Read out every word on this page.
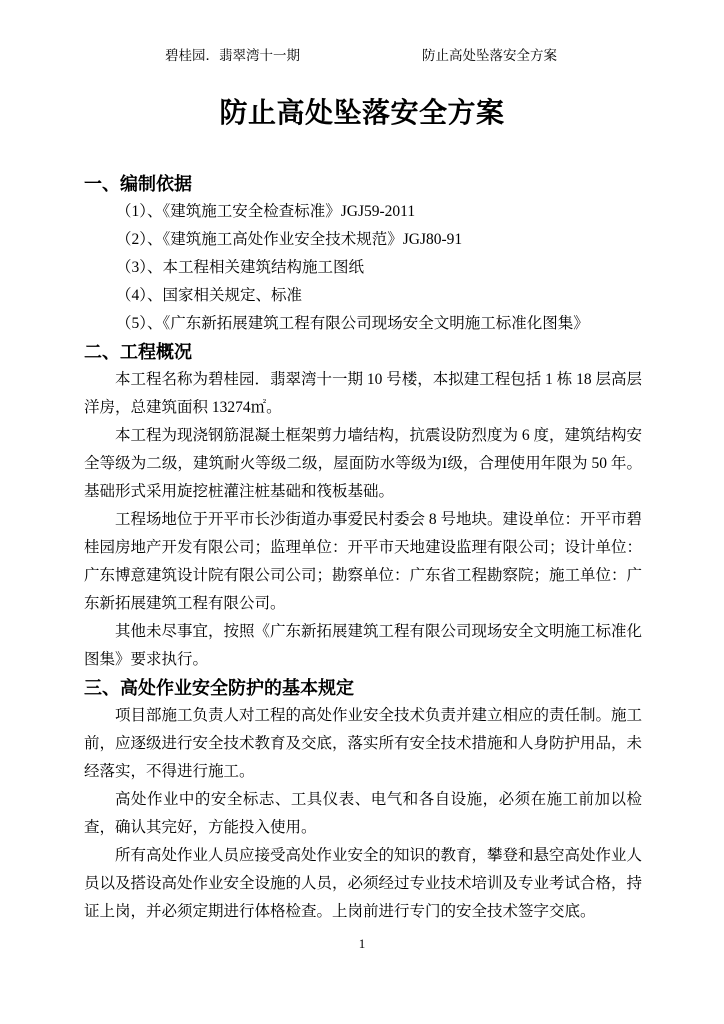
碧桂园．翡翠湾十一期	防止高处坠落安全方案
防止高处坠落安全方案
一、编制依据
（1）、《建筑施工安全检查标准》JGJ59-2011
（2）、《建筑施工高处作业安全技术规范》JGJ80-91
（3）、本工程相关建筑结构施工图纸
（4）、国家相关规定、标准
（5）、《广东新拓展建筑工程有限公司现场安全文明施工标准化图集》
二、工程概况

本工程名称为碧桂园．翡翠湾十一期 10 号楼，本拟建工程包括 1 栋 18 层高层洋房，总建筑面积 13274㎡。

本工程为现浇钢筋混凝土框架剪力墙结构，抗震设防烈度为 6 度，建筑结构安全等级为二级，建筑耐火等级二级，屋面防水等级为I级，合理使用年限为 50 年。基础形式采用旋挖桩灌注桩基础和筏板基础。

工程场地位于开平市长沙街道办事爱民村委会 8 号地块。建设单位：开平市碧桂园房地产开发有限公司；监理单位：开平市天地建设监理有限公司；设计单位：广东博意建筑设计院有限公司公司；勘察单位：广东省工程勘察院；施工单位：广东新拓展建筑工程有限公司。

其他未尽事宜，按照《广东新拓展建筑工程有限公司现场安全文明施工标准化图集》要求执行。

三、高处作业安全防护的基本规定

项目部施工负责人对工程的高处作业安全技术负责并建立相应的责任制。施工前，应逐级进行安全技术教育及交底，落实所有安全技术措施和人身防护用品，未经落实，不得进行施工。

高处作业中的安全标志、工具仪表、电气和各自设施，必须在施工前加以检查，确认其完好，方能投入使用。

所有高处作业人员应接受高处作业安全的知识的教育，攀登和悬空高处作业人员以及搭设高处作业安全设施的人员，必须经过专业技术培训及专业考试合格，持证上岗，并必须定期进行体格检查。上岗前进行专门的安全技术签字交底。

1
